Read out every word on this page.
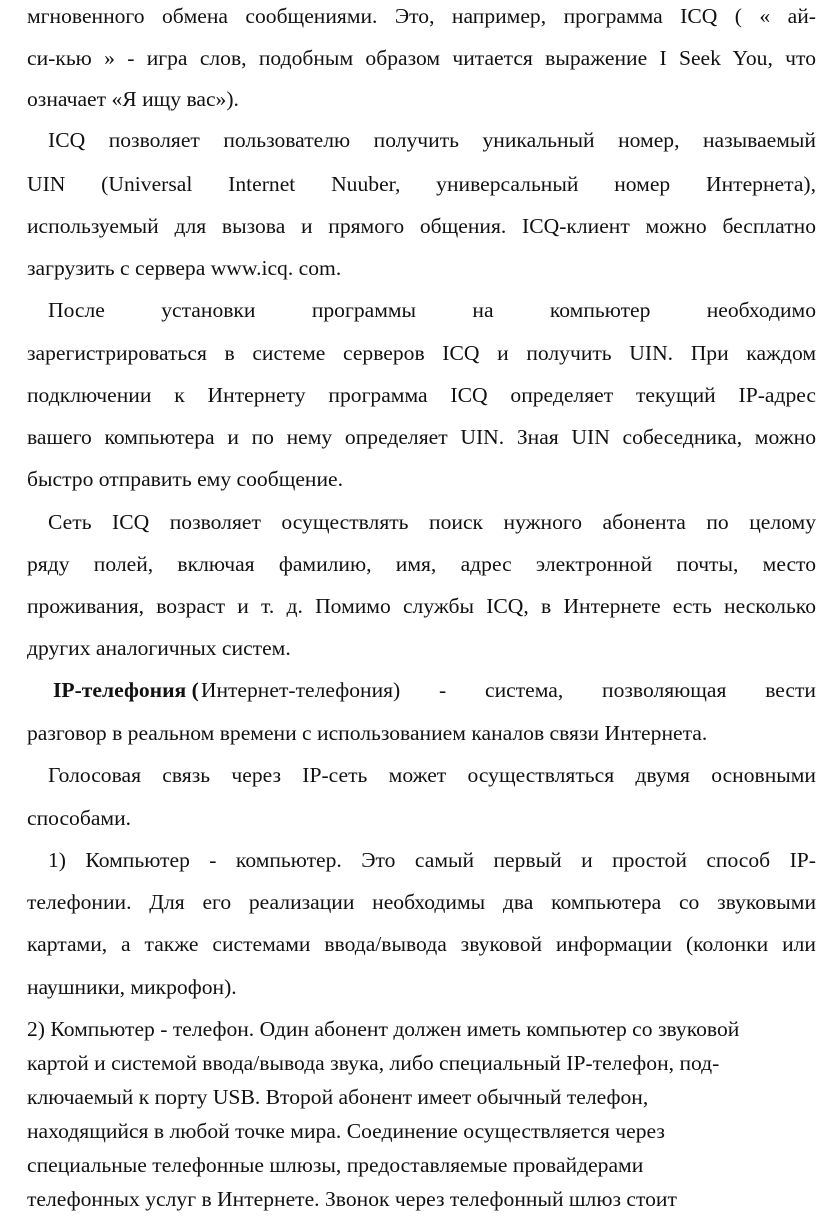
мгновенного обмена сообщениями. Это, например, программа ICQ ( « ай-
си-кью » - игра слов, подобным образом читается выражение I Seek You, что
означает «Я ищу вас»).
ICQ позволяет пользователю получить уникальный номер, называемый
UIN (Universal Internet Nuuber, универсальный номер Интернета),
используемый для вызова и прямого общения. ICQ-клиент можно бесплатно
загрузить с сервера www.icq. com.
После установки программы на компьютер необходимо
зарегистрироваться в системе серверов ICQ и получить UIN. При каждом
подключении к Интернету программа ICQ определяет текущий IP-адрес
вашего компьютера и по нему определяет UIN. Зная UIN собеседника, можно
быстро отправить ему сообщение.
Сеть ICQ позволяет осуществлять поиск нужного абонента по целому
ряду полей, включая фамилию, имя, адрес электронной почты, место
проживания, возраст и т. д. Помимо службы ICQ, в Интернете есть несколько
других аналогичных систем.
IP-телефония ( Интернет-телефония) - система, позволяющая вести
разговор в реальном времени с использованием каналов связи Интернета.
Голосовая связь через IP-сеть может осуществляться двумя основными
способами.
1) Компьютер - компьютер. Это самый первый и простой способ IP-
телефонии. Для его реализации необходимы два компьютера со звуковыми
картами, а также системами ввода/вывода звуковой информации (колонки или
наушники, микрофон).
2) Компьютер - телефон. Один абонент должен иметь компьютер со звуковой
картой и системой ввода/вывода звука, либо специальный IP-телефон, под-
ключаемый к порту USB. Второй абонент имеет обычный телефон,
находящийся в любой точке мира. Соединение осуществляется через
специальные телефонные шлюзы, предоставляемые провайдерами
телефонных услуг в Интернете. Звонок через телефонный шлюз стоит
